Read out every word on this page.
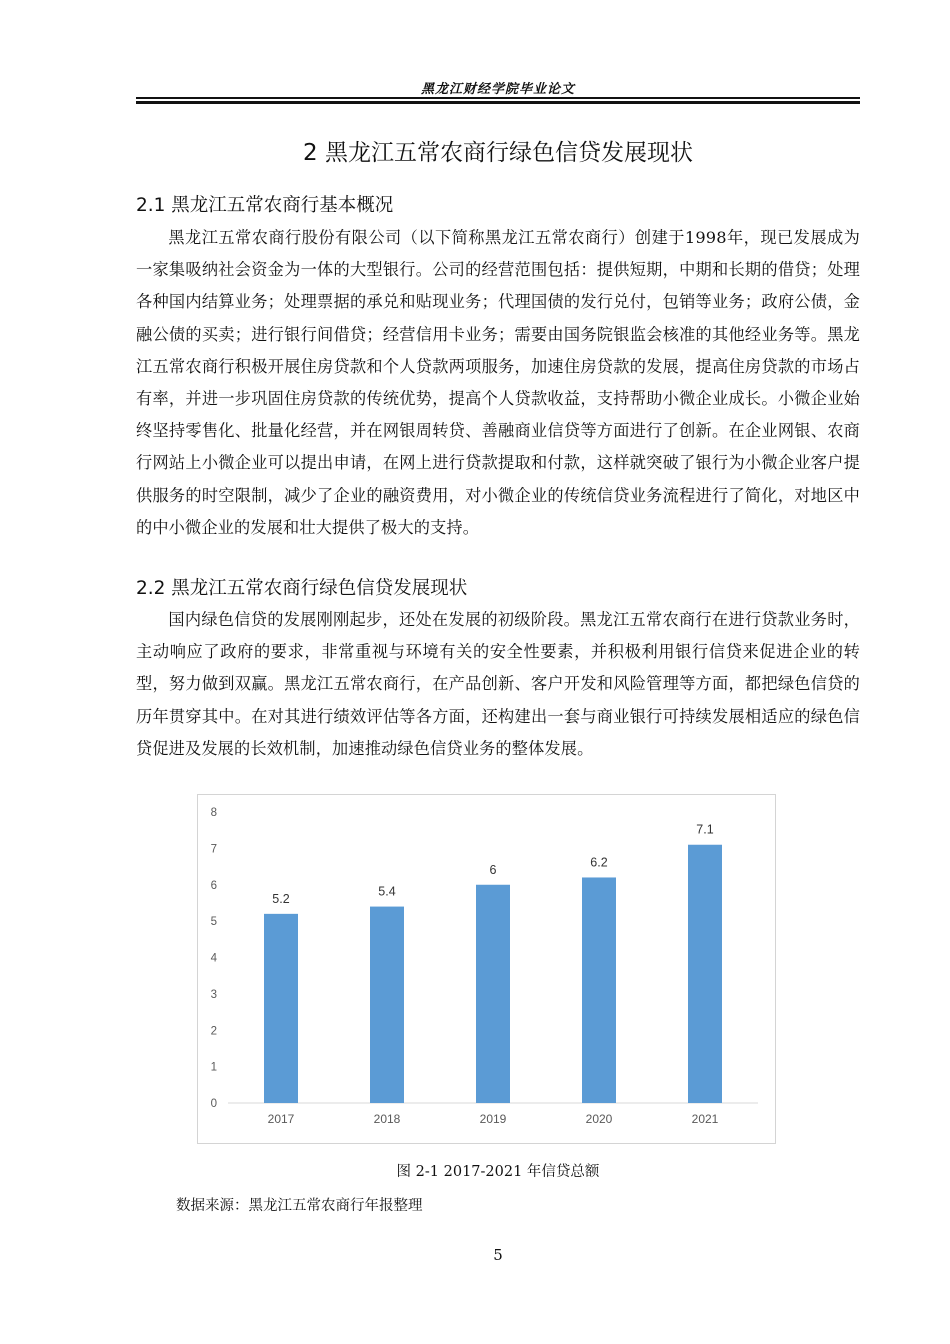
黑龙江财经学院毕业论文
2 黑龙江五常农商行绿色信贷发展现状
2.1 黑龙江五常农商行基本概况

黑龙江五常农商行股份有限公司（以下简称黑龙江五常农商行）创建于1998年，现已发展成为一家集吸纳社会资金为一体的大型银行。公司的经营范围包括：提供短期，中期和长期的借贷；处理各种国内结算业务；处理票据的承兑和贴现业务；代理国债的发行兑付，包销等业务；政府公债，金融公债的买卖；进行银行间借贷；经营信用卡业务；需要由国务院银监会核准的其他经业务等。黑龙江五常农商行积极开展住房贷款和个人贷款两项服务，加速住房贷款的发展，提高住房贷款的市场占有率，并进一步巩固住房贷款的传统优势，提高个人贷款收益，支持帮助小微企业成长。小微企业始终坚持零售化、批量化经营，并在网银周转贷、善融商业信贷等方面进行了创新。在企业网银、农商行网站上小微企业可以提出申请，在网上进行贷款提取和付款，这样就突破了银行为小微企业客户提供服务的时空限制，减少了企业的融资费用，对小微企业的传统信贷业务流程进行了简化，对地区中的中小微企业的发展和壮大提供了极大的支持。

2.2 黑龙江五常农商行绿色信贷发展现状

国内绿色信贷的发展刚刚起步，还处在发展的初级阶段。黑龙江五常农商行在进行贷款业务时，主动响应了政府的要求，非常重视与环境有关的安全性要素，并积极利用银行信贷来促进企业的转型，努力做到双赢。黑龙江五常农商行，在产品创新、客户开发和风险管理等方面，都把绿色信贷的历年贯穿其中。在对其进行绩效评估等各方面，还构建出一套与商业银行可持续发展相适应的绿色信贷促进及发展的长效机制，加速推动绿色信贷业务的整体发展。

0
1
2
3
4
5
6
7
8
5.2
2017
5.4
2018
6
2019
6.2
2020
7.1
2021
图 2-1 2017-2021 年信贷总额
数据来源：黑龙江五常农商行年报整理
5
